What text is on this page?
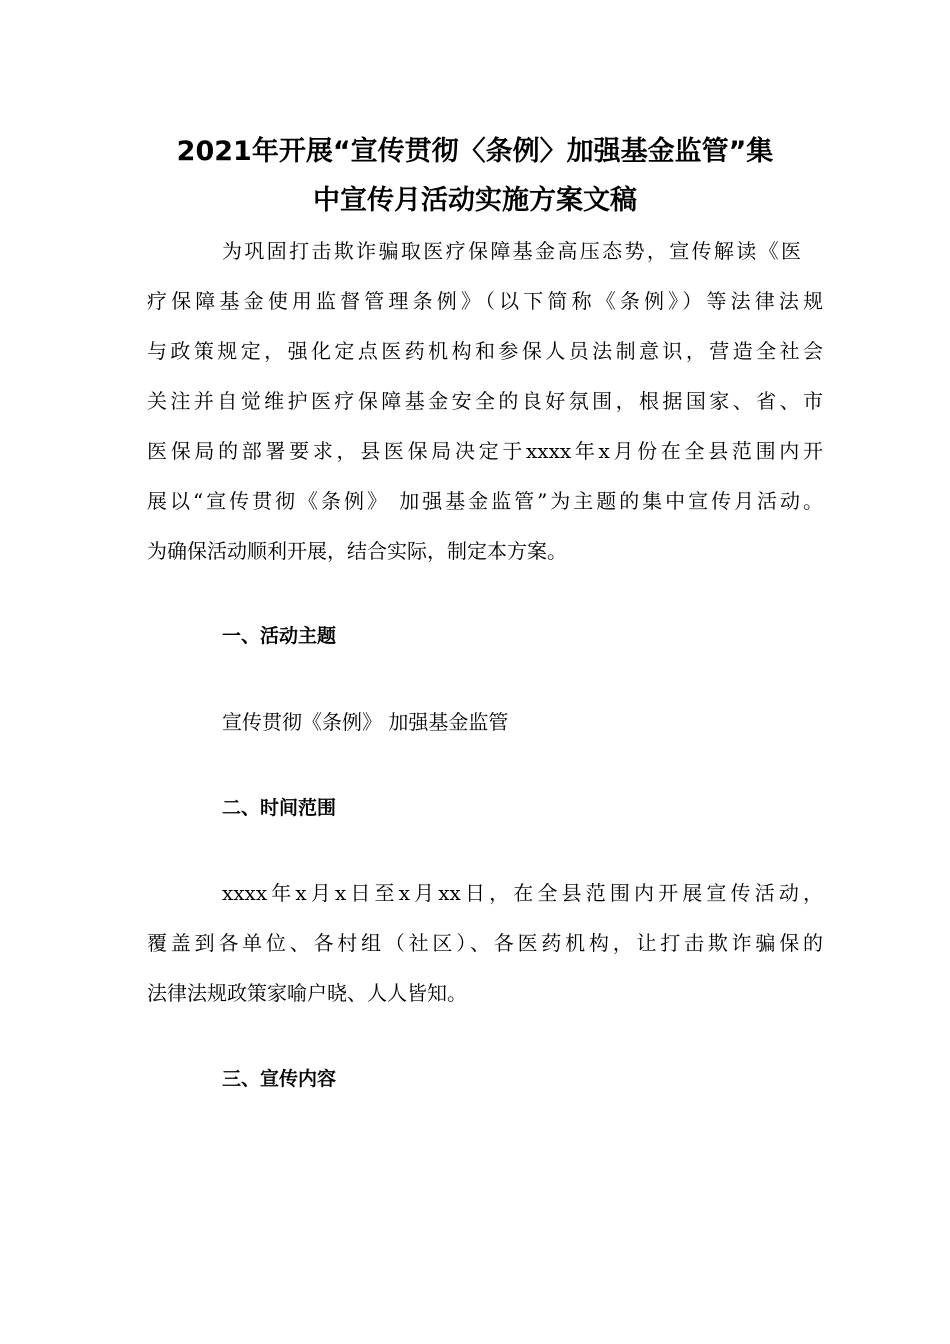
2021年开展“宣传贯彻〈条例〉加强基金监管”集
中宣传月活动实施方案文稿
为巩固打击欺诈骗取医疗保障基金高压态势，宣传解读《医
疗保障基金使用监督管理条例》（以下简称《条例》）等法律法规
与政策规定，强化定点医药机构和参保人员法制意识，营造全社会
关注并自觉维护医疗保障基金安全的良好氛围，根据国家、省、市
医保局的部署要求，县医保局决定于xxxx年x月份在全县范围内开
展以“宣传贯彻《条例》 加强基金监管”为主题的集中宣传月活动。
为确保活动顺利开展，结合实际，制定本方案。
一、活动主题
宣传贯彻《条例》 加强基金监管
二、时间范围
xxxx年x月x日至x月xx日，在全县范围内开展宣传活动，
覆盖到各单位、各村组（社区）、各医药机构，让打击欺诈骗保的
法律法规政策家喻户晓、人人皆知。
三、宣传内容
